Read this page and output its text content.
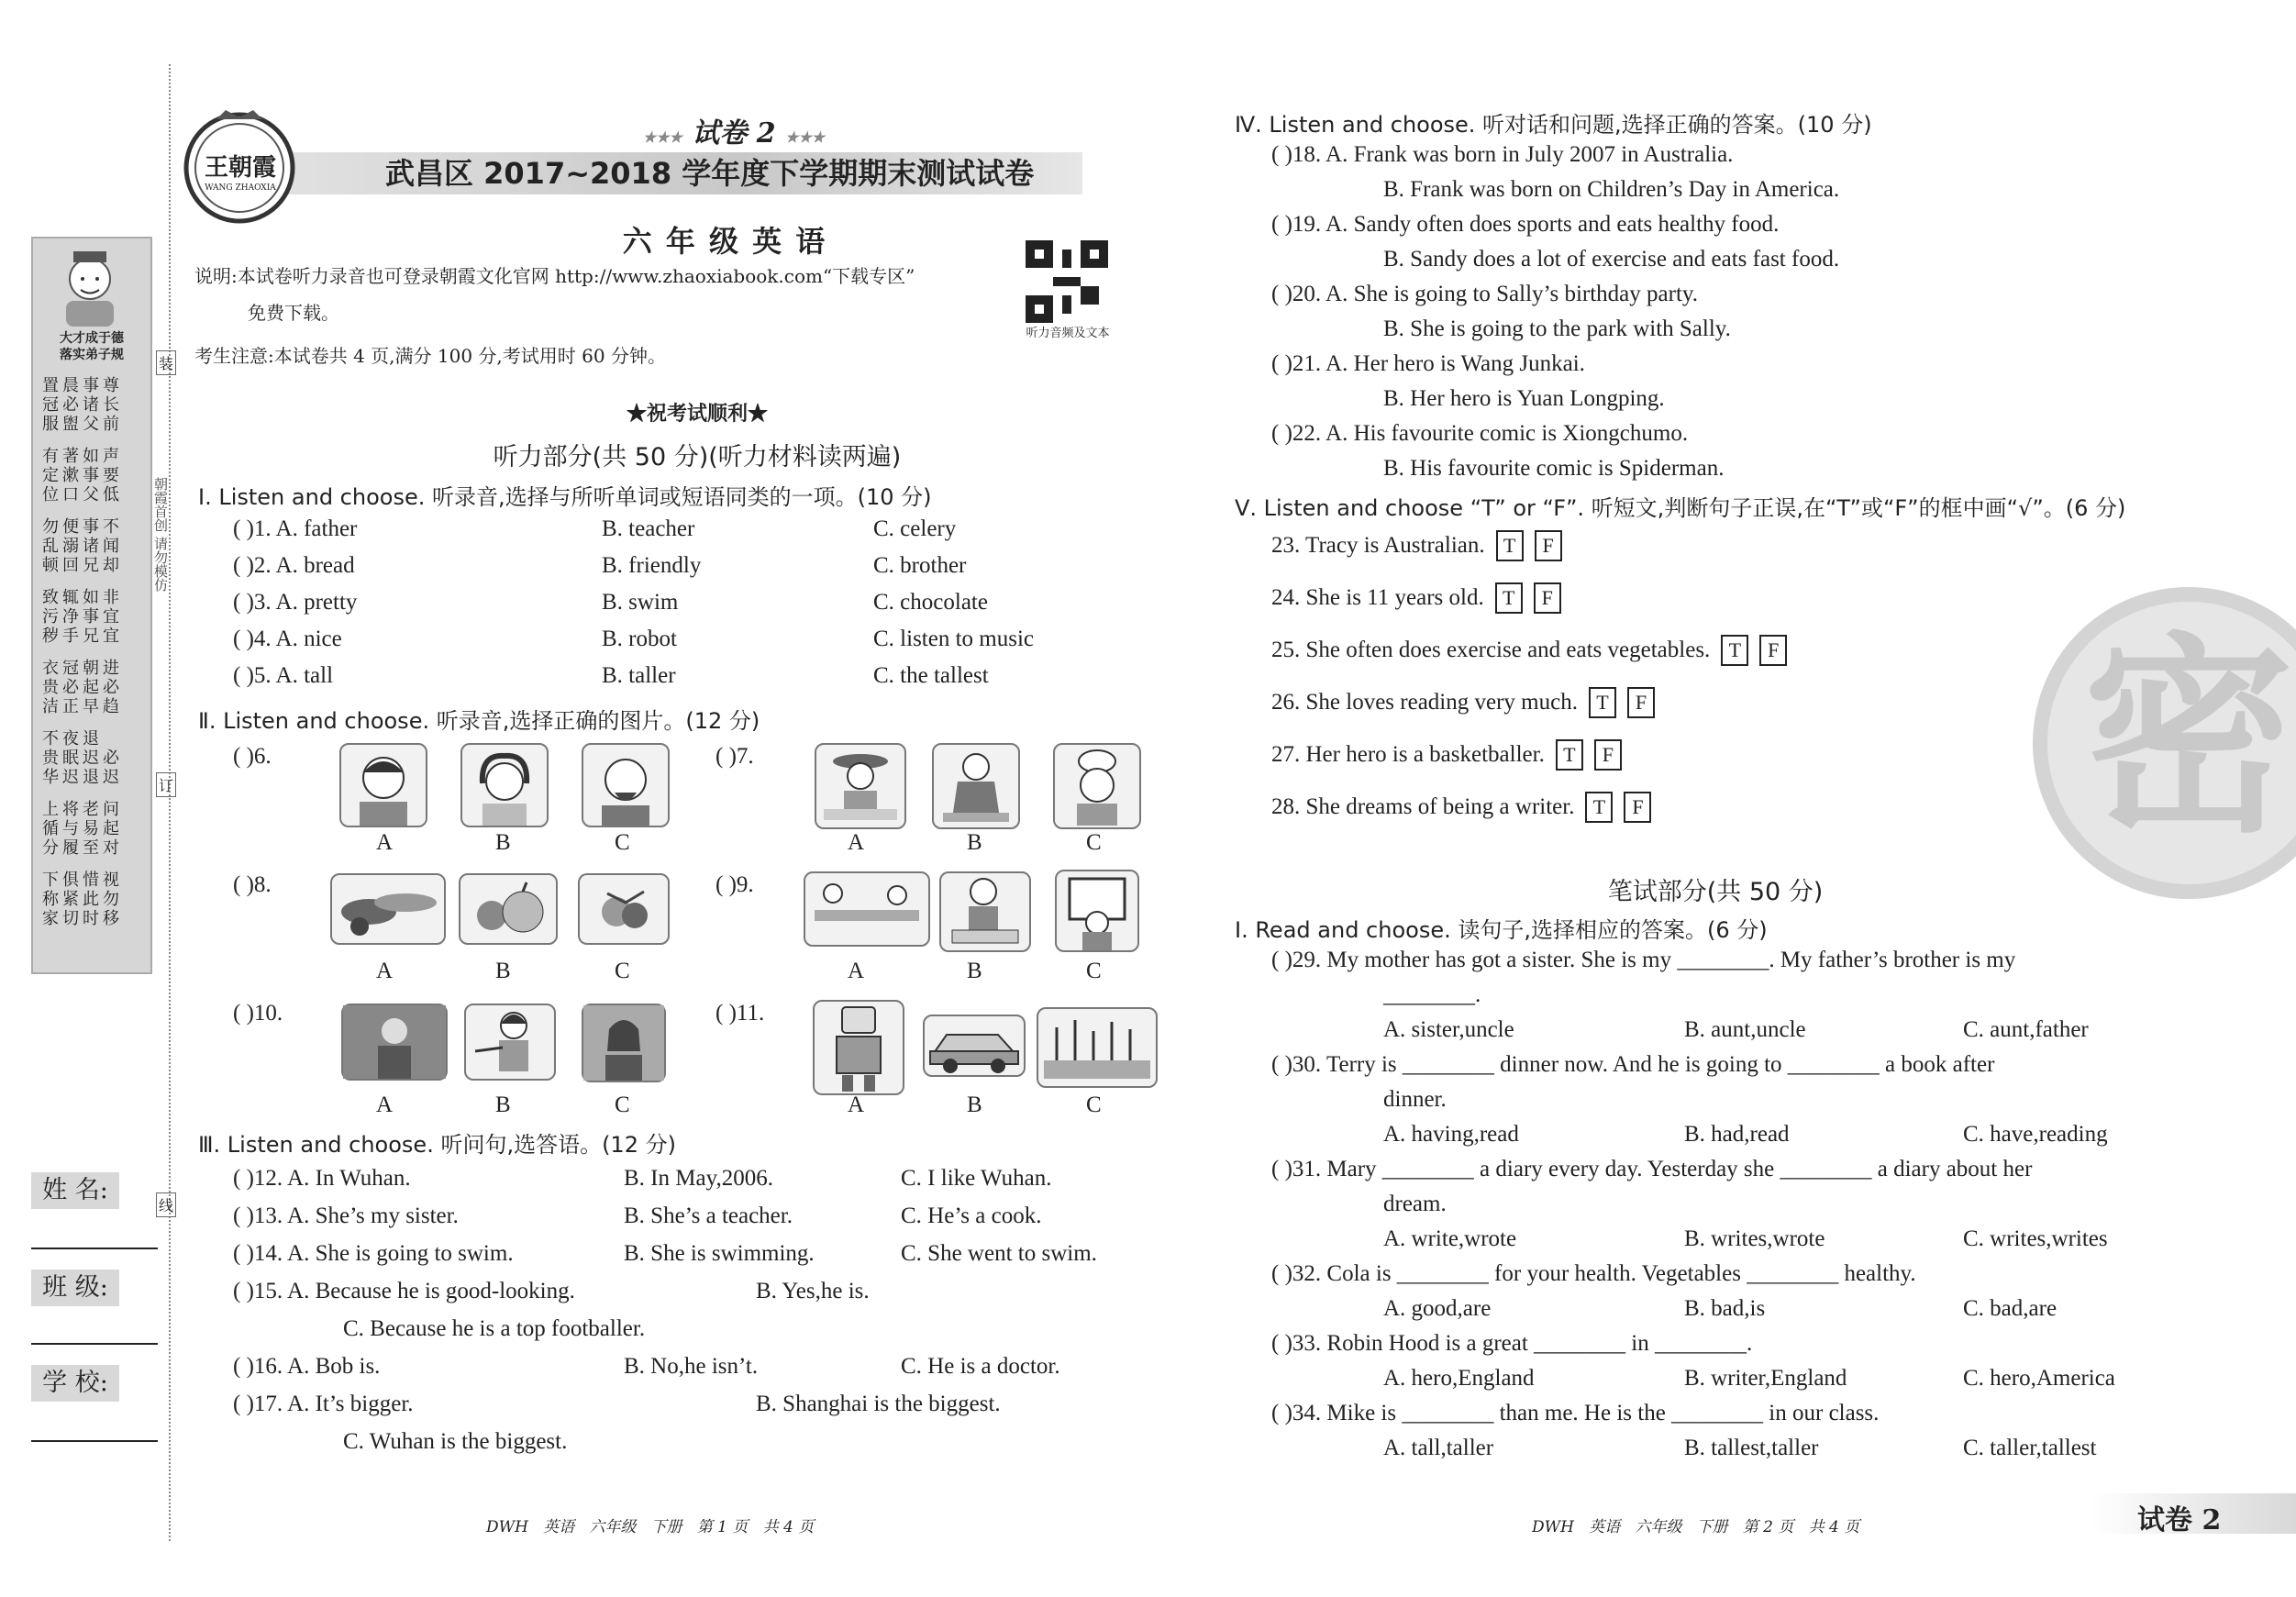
大才成于德
落实弟子规
置晨事尊
冠必诸长
服盥父前
有著如声
定漱事要
位口父低
勿便事不
乱溺诸闻
顿回兄却
致辄如非
污净事宜
秽手兄宜
衣冠朝进
贵必起必
洁正早趋
不夜退
贵眠迟必
华迟退迟
上将老问
循与易起
分履至对
下俱惜视
称紧此勿
家切时移
朝霞首创 请勿模仿
装
订
线
姓 名:
班 级:
学 校:
王朝霞
WANG ZHAOXIA
★★★ 试卷 2 ★★★
武昌区 2017~2018 学年度下学期期末测试试卷
六 年 级 英 语
说明:本试卷听力录音也可登录朝霞文化官网 http://www.zhaoxiabook.com“下载专区”
免费下载。
考生注意:本试卷共 4 页,满分 100 分,考试用时 60 分钟。
听力音频及文本
★祝考试顺利★
听力部分(共 50 分)(听力材料读两遍)
Ⅰ. Listen and choose. 听录音,选择与所听单词或短语同类的一项。(10 分)
( )1. A. father	B. teacher	C. celery
( )2. A. bread	B. friendly	C. brother
( )3. A. pretty	B. swim	C. chocolate
( )4. A. nice	B. robot	C. listen to music
( )5. A. tall	B. taller	C. the tallest
Ⅱ. Listen and choose. 听录音,选择正确的图片。(12 分)
( )6.	( )7.
A	B	C	A	B	C
( )8.	( )9.
A	B	C	A	B	C
( )10.	( )11.
A	B	C	A	B	C
Ⅲ. Listen and choose. 听问句,选答语。(12 分)
( )12. A. In Wuhan.	B. In May,2006.	C. I like Wuhan.
( )13. A. She’s my sister.	B. She’s a teacher.	C. He’s a cook.
( )14. A. She is going to swim.	B. She is swimming.	C. She went to swim.
( )15. A. Because he is good-looking.	B. Yes,he is.
C. Because he is a top footballer.
( )16. A. Bob is.	B. No,he isn’t.	C. He is a doctor.
( )17. A. It’s bigger.	B. Shanghai is the biggest.
C. Wuhan is the biggest.
DWH   英语   六年级   下册   第 1 页   共 4 页
密
Ⅳ. Listen and choose. 听对话和问题,选择正确的答案。(10 分)
( )18. A. Frank was born in July 2007 in Australia.
B. Frank was born on Children’s Day in America.
( )19. A. Sandy often does sports and eats healthy food.
B. Sandy does a lot of exercise and eats fast food.
( )20. A. She is going to Sally’s birthday party.
B. She is going to the park with Sally.
( )21. A. Her hero is Wang Junkai.
B. Her hero is Yuan Longping.
( )22. A. His favourite comic is Xiongchumo.
B. His favourite comic is Spiderman.
Ⅴ. Listen and choose “T” or “F”. 听短文,判断句子正误,在“T”或“F”的框中画“√”。(6 分)
23. Tracy is Australian. T F
24. She is 11 years old. T F
25. She often does exercise and eats vegetables. T F
26. She loves reading very much. T F
27. Her hero is a basketballer. T F
28. She dreams of being a writer. T F
笔试部分(共 50 分)
Ⅰ. Read and choose. 读句子,选择相应的答案。(6 分)
( )29. My mother has got a sister. She is my ________. My father’s brother is my
________.
A. sister,uncle	B. aunt,uncle	C. aunt,father
( )30. Terry is ________ dinner now. And he is going to ________ a book after
dinner.
A. having,read	B. had,read	C. have,reading
( )31. Mary ________ a diary every day. Yesterday she ________ a diary about her
dream.
A. write,wrote	B. writes,wrote	C. writes,writes
( )32. Cola is ________ for your health. Vegetables ________ healthy.
A. good,are	B. bad,is	C. bad,are
( )33. Robin Hood is a great ________ in ________.
A. hero,England	B. writer,England	C. hero,America
( )34. Mike is ________ than me. He is the ________ in our class.
A. tall,taller	B. tallest,taller	C. taller,tallest
DWH   英语   六年级   下册   第 2 页   共 4 页	试卷 2
